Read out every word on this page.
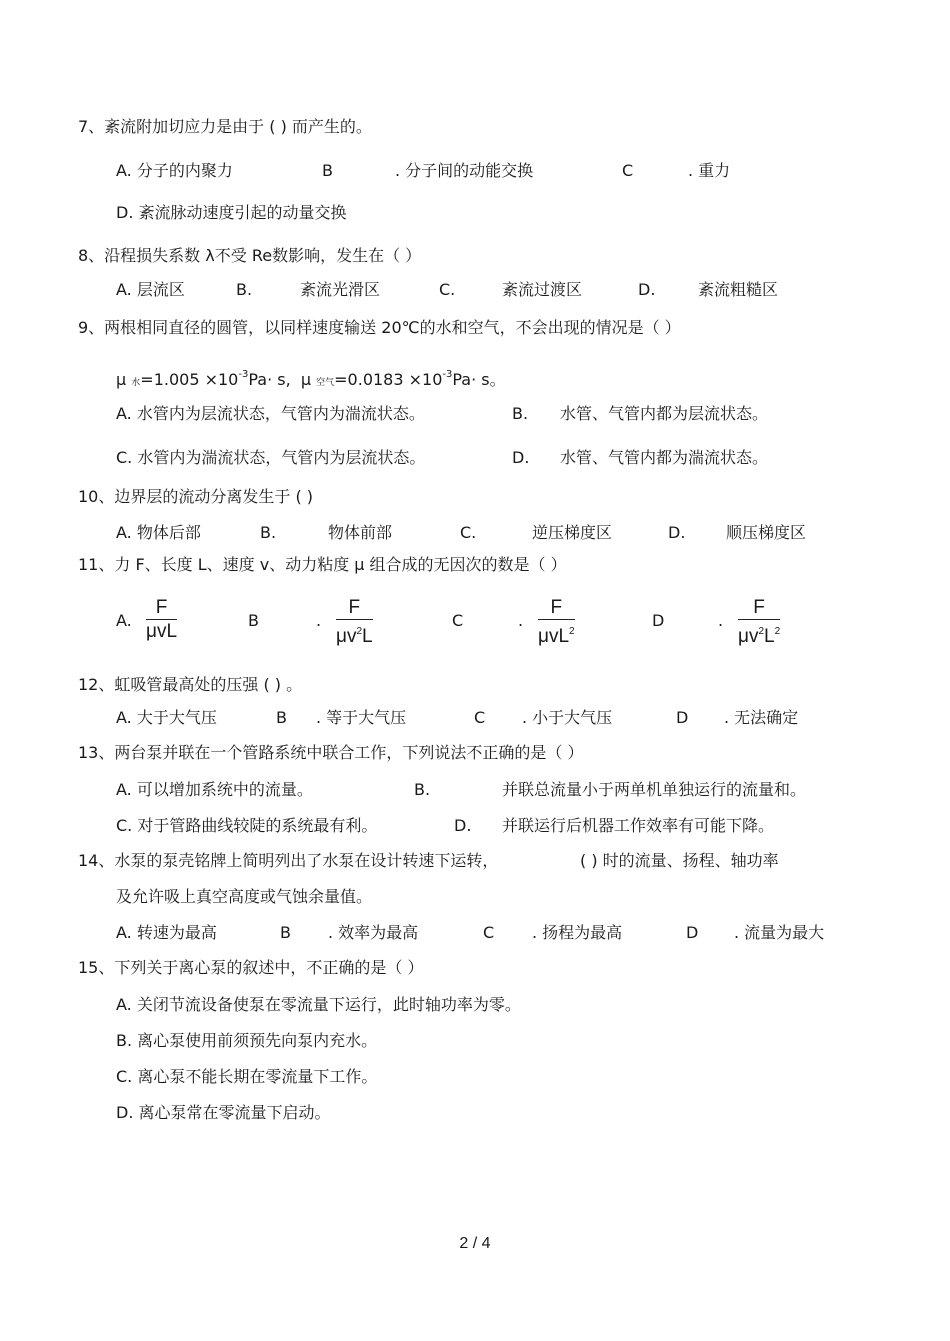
7、紊流附加切应力是由于 ( ) 而产生的。
A. 分子的内聚力	B	. 分子间的动能交换	C	. 重力
D. 紊流脉动速度引起的动量交换
8、沿程损失系数 λ不受 Re数影响，发生在（ ）
A. 层流区	B.	紊流光滑区	C.	紊流过渡区	D.	紊流粗糙区
9、两根相同直径的圆管，以同样速度输送 20℃的水和空气，不会出现的情况是（ ）
μ 水$=1.005 \times 10^{-3}Pa\cdot s$, μ 空气$=0.0183 \times 10^{-3}Pa\cdot s$。
A. 水管内为层流状态，气管内为湍流状态。	B. 水管、气管内都为层流状态。
C. 水管内为湍流状态，气管内为层流状态。	D. 水管、气管内都为湍流状态。
10、边界层的流动分离发生于 ( )
A. 物体后部	B.	物体前部	C.	逆压梯度区	D.	顺压梯度区
11、力 F、长度 L、速度 v、动力粘度 μ 组合成的无因次的数是（ ）
A.
F
μvL
B	. $\frac{F}{\mu v^2L}$	C	.
F
μvL$^2$
D	. $\frac{F}{\mu v^2L^2}$
12、虹吸管最高处的压强 ( ) 。
A. 大于大气压	B . 等于大气压	C . 小于大气压	D . 无法确定
13、两台泵并联在一个管路系统中联合工作，下列说法不正确的是（ ）
A. 可以增加系统中的流量。	B.	并联总流量小于两单机单独运行的流量和。
C. 对于管路曲线较陡的系统最有利。	D. 并联运行后机器工作效率有可能下降。
14、水泵的泵壳铭牌上简明列出了水泵在设计转速下运转，	( ) 时的流量、扬程、轴功率
及允许吸上真空高度或气蚀余量值。
A. 转速为最高	B . 效率为最高	C . 扬程为最高	D . 流量为最大
15、下列关于离心泵的叙述中，不正确的是（ ）
A. 关闭节流设备使泵在零流量下运行，此时轴功率为零。
B. 离心泵使用前须预先向泵内充水。
C. 离心泵不能长期在零流量下工作。
D. 离心泵常在零流量下启动。
2 / 4
